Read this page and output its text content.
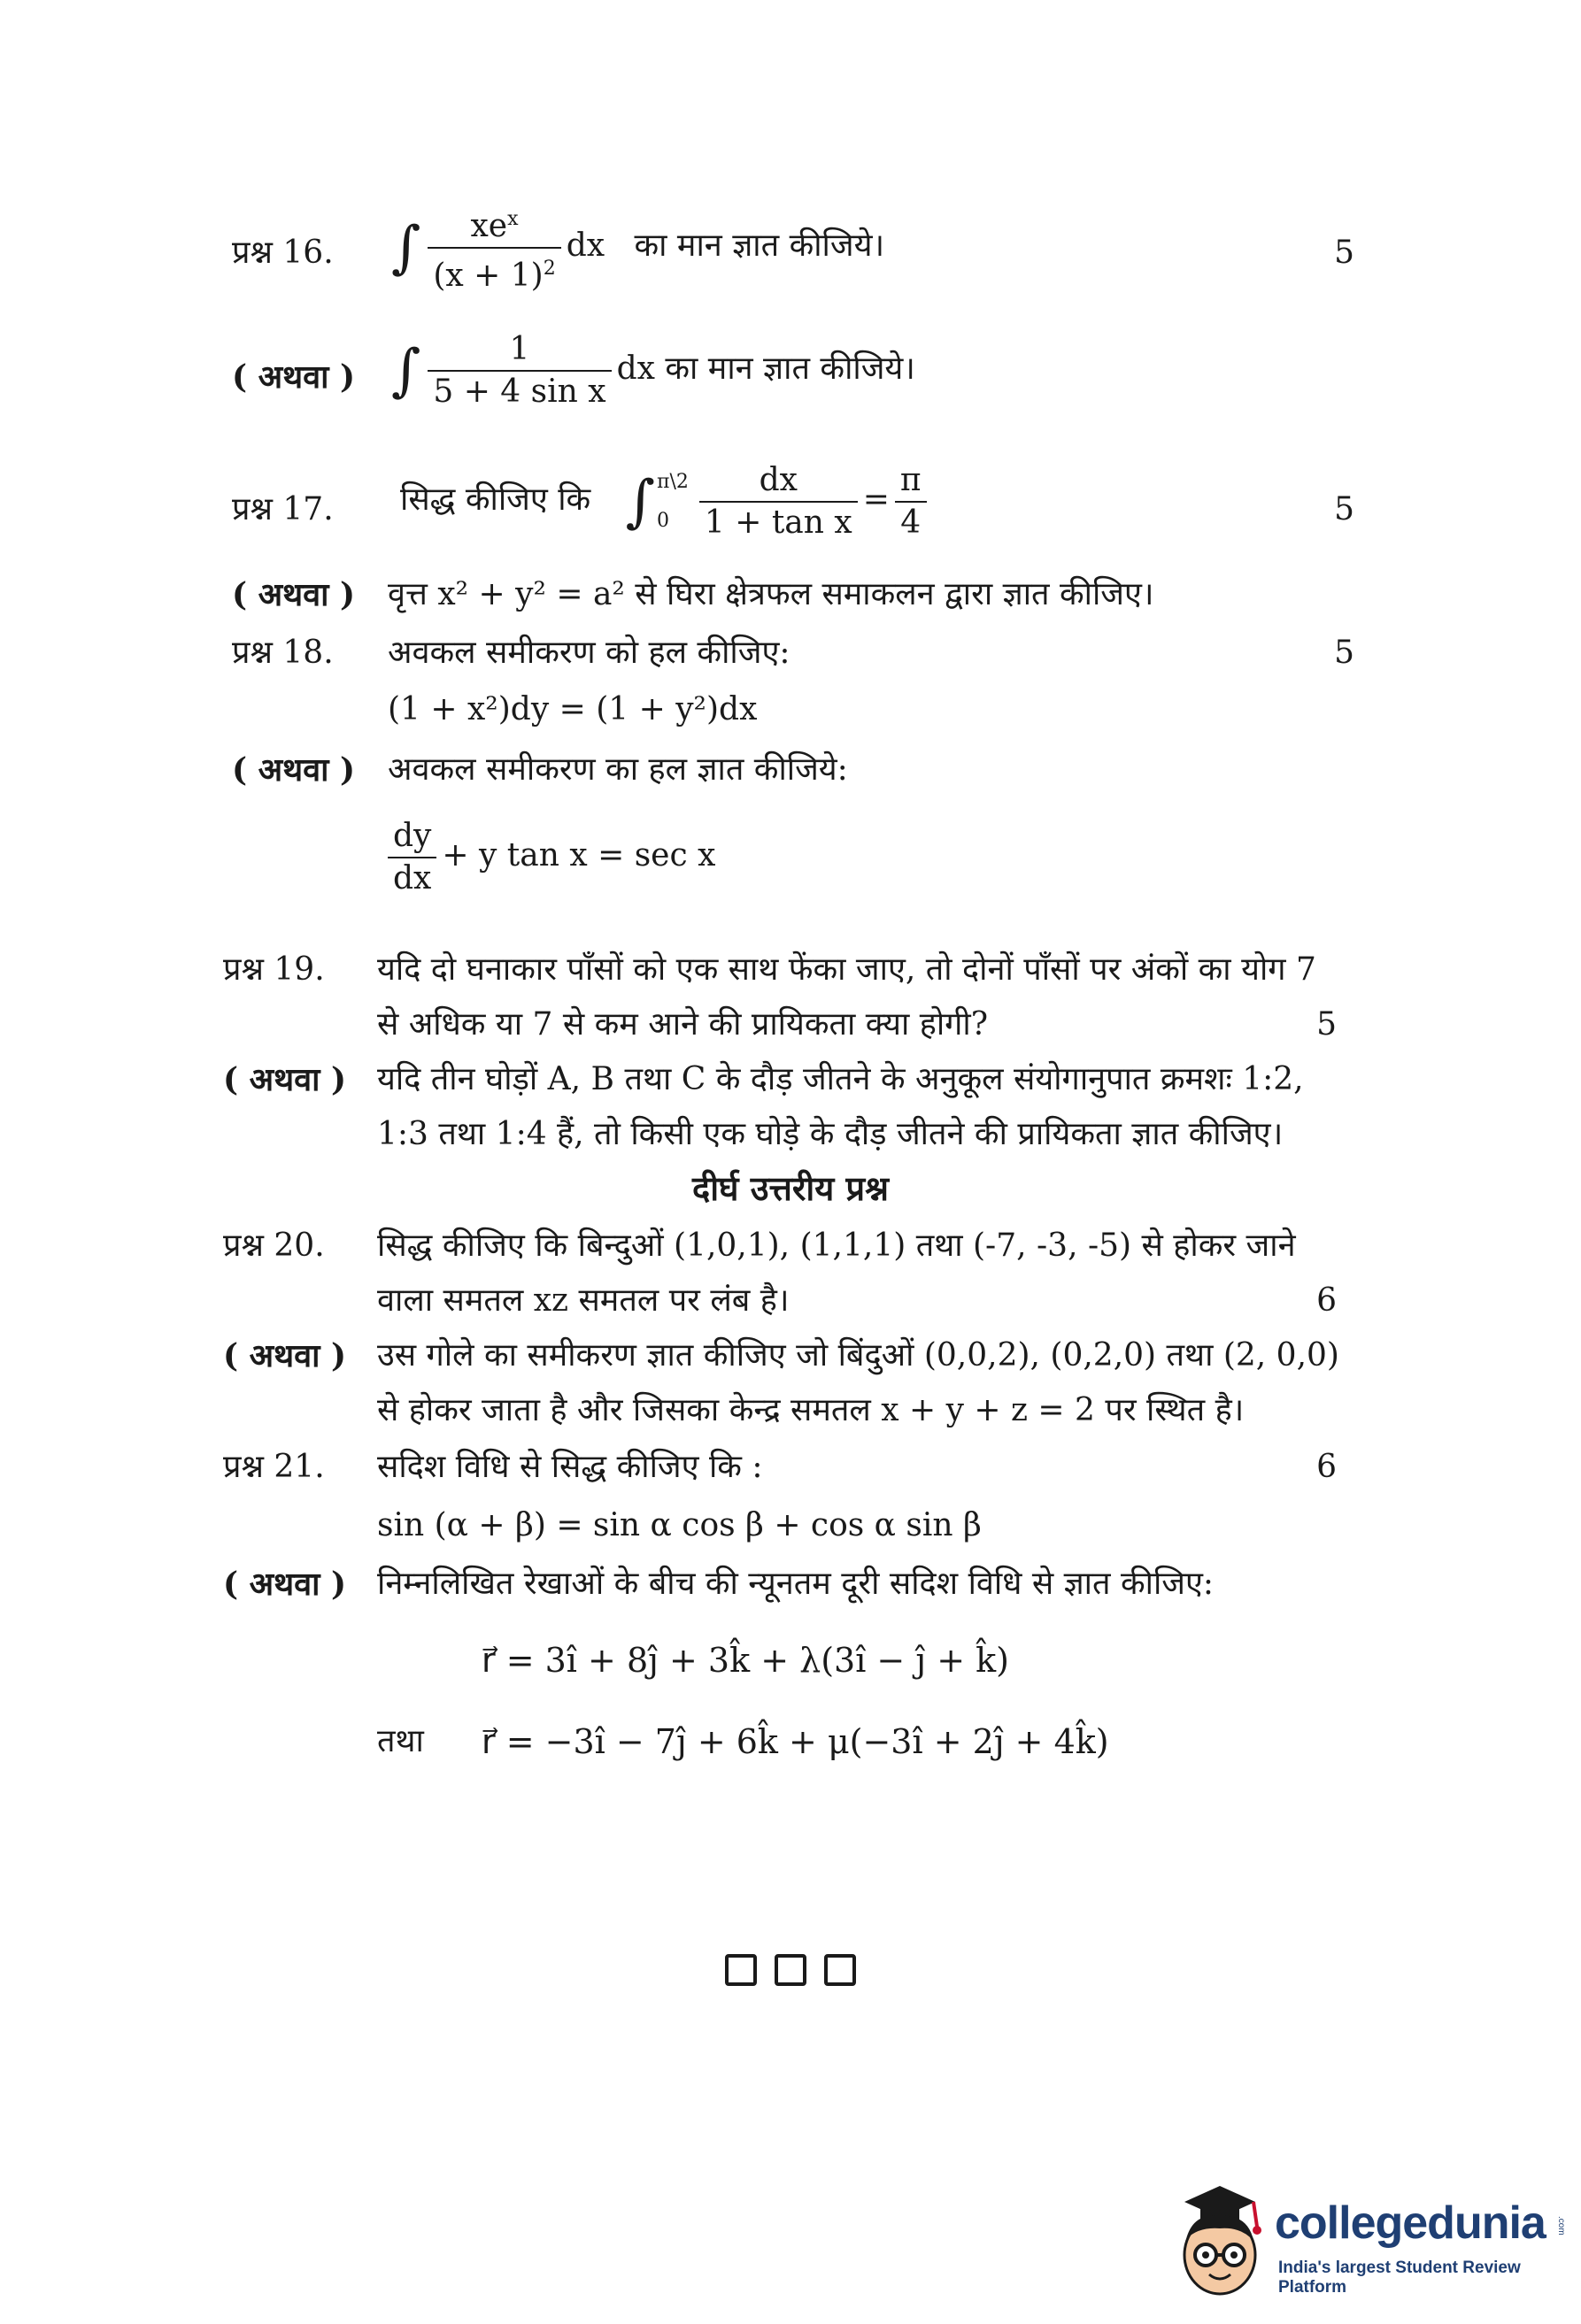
प्रश्न 16. ∫ $\frac{xe^x}{(x + 1)^2}$ dx का मान ज्ञात कीजिये।	5
( अथवा ) ∫ $\frac{1}{\text{5 + 4 sin x}}$ dx का मान ज्ञात कीजिये।
प्रश्न 17. सिद्ध कीजिए कि ∫ π\2
$0 \frac{dx}{\text{1 + tan x}} = \frac{\pi}{4}$	5
( अथवा ) वृत्त x² + y² = a² से घिरा क्षेत्रफल समाकलन द्वारा ज्ञात कीजिए।
प्रश्न 18. अवकल समीकरण को हल कीजिए:	5
(1 + x²)dy = (1 + y²)dx
( अथवा ) अवकल समीकरण का हल ज्ञात कीजिये:
$\frac{dy}{dx} + y$ tan x = sec x
प्रश्न 19. यदि दो घनाकार पाँसों को एक साथ फेंका जाए, तो दोनों पाँसों पर अंकों का योग 7 से अधिक या 7 से कम आने की प्रायिकता क्या होगी?	5
( अथवा ) यदि तीन घोड़ों A, B तथा C के दौड़ जीतने के अनुकूल संयोगानुपात क्रमशः 1:2, 1:3 तथा 1:4 हैं, तो किसी एक घोड़े के दौड़ जीतने की प्रायिकता ज्ञात कीजिए।
दीर्घ उत्तरीय प्रश्न
प्रश्न 20. सिद्ध कीजिए कि बिन्दुओं (1,0,1), (1,1,1) तथा (-7, -3, -5) से होकर जाने वाला समतल xz समतल पर लंब है।	6
( अथवा ) उस गोले का समीकरण ज्ञात कीजिए जो बिंदुओं (0,0,2), (0,2,0) तथा (2, 0,0) से होकर जाता है और जिसका केन्द्र समतल x + y + z = 2 पर स्थित है।
प्रश्न 21. सदिश विधि से सिद्ध कीजिए कि :	6
sin (α + β) = sin α cos β + cos α sin β
( अथवा ) निम्नलिखित रेखाओं के बीच की न्यूनतम दूरी सदिश विधि से ज्ञात कीजिए:
r⃗ = 3î + 8ĵ + 3k̂ + λ(3î − ĵ + k̂)
तथा r⃗ = −3î − 7ĵ + 6k̂ + μ(−3î + 2ĵ + 4k̂)
collegedunia .com
India's largest Student Review Platform
